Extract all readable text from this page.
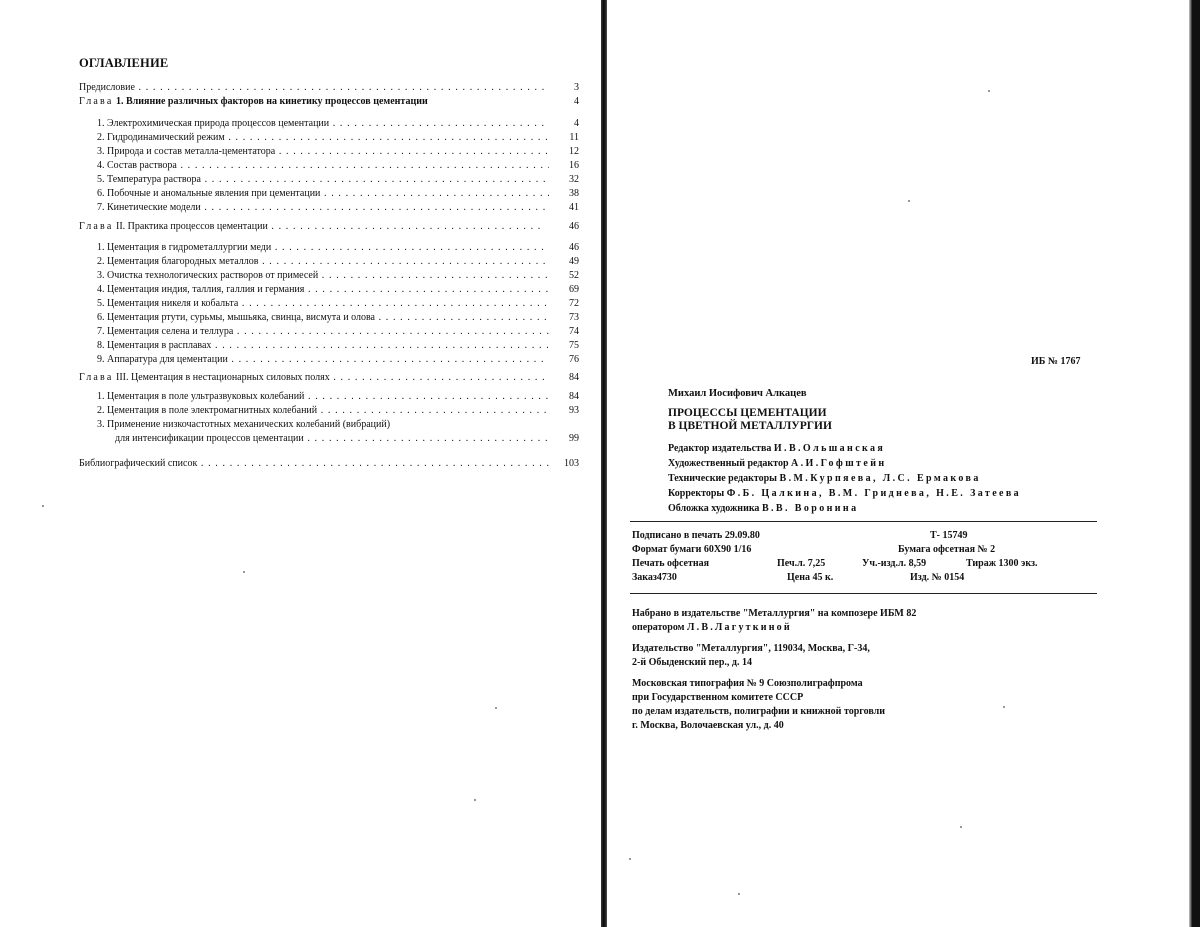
ОГЛАВЛЕНИЕ
Предисловие . . .	3
Глава 1. Влияние различных факторов на кинетику процессов цементации	4
1. Электрохимическая природа процессов цементации . . .	4
2. Гидродинамический режим . . .	11
3. Природа и состав металла-цементатора . . .	12
4. Состав раствора . . .	16
5. Температура раствора . . .	32
6. Побочные и аномальные явления при цементации . . .	38
7. Кинетические модели . . .	41
Глава II. Практика процессов цементации . . .	46
1. Цементация в гидрометаллургии меди . . .	46
2. Цементация благородных металлов . . .	49
3. Очистка технологических растворов от примесей . . .	52
4. Цементация индия, таллия, галлия и германия . . .	69
5. Цементация никеля и кобальта . . .	72
6. Цементация ртути, сурьмы, мышьяка, свинца, висмута и олова . . .	73
7. Цементация селена и теллура . . .	74
8. Цементация в расплавах . . .	75
9. Аппаратура для цементации . . .	76
Глава III. Цементация в нестационарных силовых полях . . .	84
1. Цементация в поле ультразвуковых колебаний . . .	84
2. Цементация в поле электромагнитных колебаний . . .	93
3. Применение низкочастотных механических колебаний (вибраций)
для интенсификации процессов цементации . . .	99
Библиографический список . . .	103
ИБ № 1767
Михаил Иосифович Алкацев
ПРОЦЕССЫ ЦЕМЕНТАЦИИ
В ЦВЕТНОЙ МЕТАЛЛУРГИИ
Редактор издательства И.В.Ольшанская
Художественный редактор А.И.Гофштейн
Технические редакторы В.М.Курпяева, Л.С. Ермакова
Корректоры Ф.Б. Цалкина, В.М. Гриднева, Н.Е. Затеева
Обложка художника В.В. Воронина
Подписано в печать 29.09.80	Т- 15749
Формат бумаги 60X90 1/16	Бумага офсетная № 2
Печать офсетная	Печ.л. 7,25	Уч.-изд.л. 8,59	Тираж 1300 экз.
Заказ4730	Цена 45 к.	Изд. № 0154
Набрано в издательстве "Металлургия" на композере ИБМ 82
оператором Л.В.Лагуткиной
Издательство "Металлургия", 119034, Москва, Г-34,
2-й Обыденский пер., д. 14
Московская типография № 9 Союзполиграфпрома
при Государственном комитете СССР
по делам издательств, полиграфии и книжной торговли
г. Москва, Волочаевская ул., д. 40
